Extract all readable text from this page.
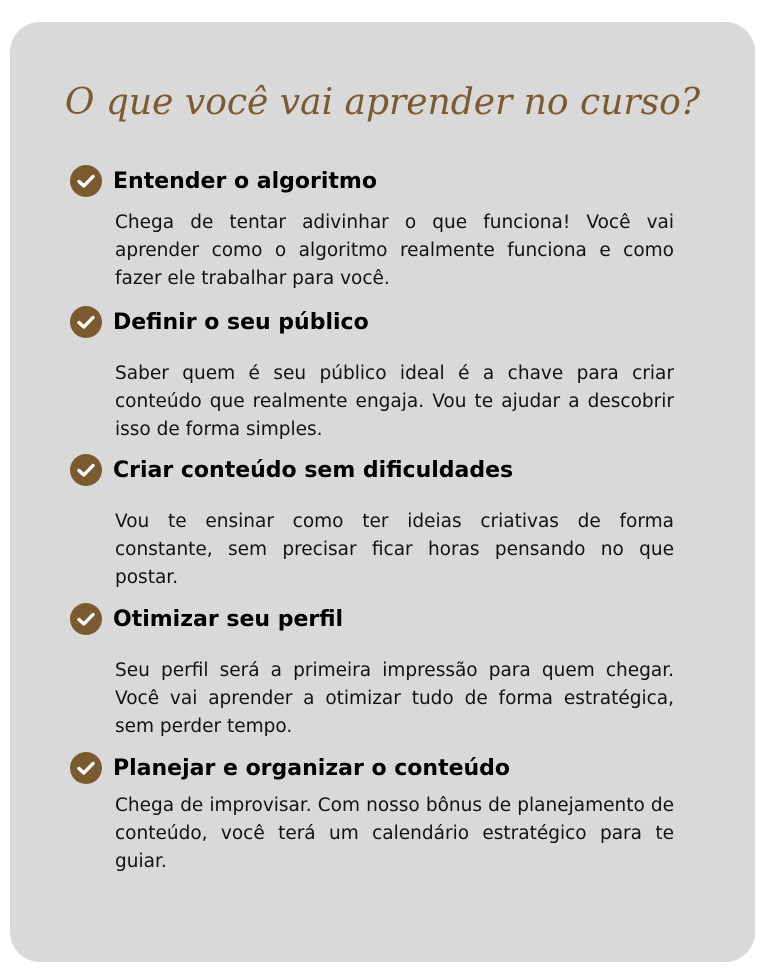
O que você vai aprender no curso?
Entender o algoritmo

Chega de tentar adivinhar o que funciona! Você vai aprender como o algoritmo realmente funciona e como fazer ele trabalhar para você.

Definir o seu público

Saber quem é seu público ideal é a chave para criar conteúdo que realmente engaja. Vou te ajudar a descobrir isso de forma simples.

Criar conteúdo sem dificuldades

Vou te ensinar como ter ideias criativas de forma constante, sem precisar ficar horas pensando no que postar.

Otimizar seu perfil

Seu perfil será a primeira impressão para quem chegar. Você vai aprender a otimizar tudo de forma estratégica, sem perder tempo.

Planejar e organizar o conteúdo

Chega de improvisar. Com nosso bônus de planejamento de conteúdo, você terá um calendário estratégico para te guiar.
